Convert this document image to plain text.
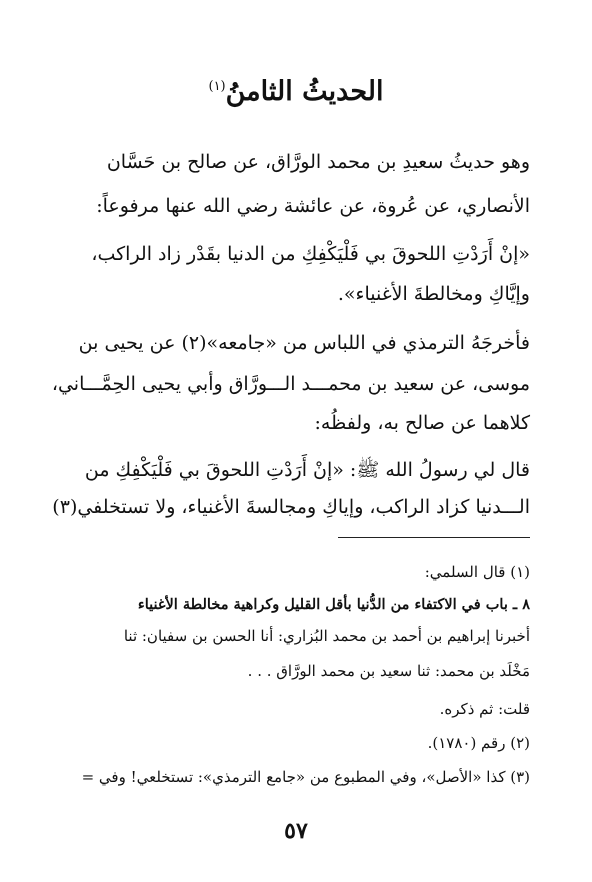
الحديثُ الثامنُ$^{(١)}$
وهو حديثُ سعيدِ بن محمد الورَّاق، عن صالح بن حَسَّان
الأنصاري، عن عُروة، عن عائشة رضي الله عنها مرفوعاً:
«إنْ أَرَدْتِ اللحوقَ بي فَلْيَكْفِكِ من الدنيا بقَدْر زاد الراكب،
وإيَّاكِ ومخالطةَ الأغنياء».
فأخرجَهُ الترمذي في اللباس من «جامعه»(٢) عن يحيى بن
موسى، عن سعيد بن محمـــد الـــورَّاق وأبي يحيى الحِمَّـــاني،
كلاهما عن صالح به، ولفظُه:
قال لي رسولُ الله ﷺ: «إنْ أَرَدْتِ اللحوقَ بي فَلْيَكْفِكِ من
الـــدنيا كزاد الراكب، وإياكِ ومجالسةَ الأغنياء، ولا تستخلفي(٣)
(١) قال السلمي:
٨ ـ باب في الاكتفاء من الدُّنيا بأقل القليل وكراهية مخالطة الأغنياء
أخبرنا إبراهيم بن أحمد بن محمد البُزاري: أنا الحسن بن سفيان: ثنا
مَخْلَد بن محمد: ثنا سعيد بن محمد الورَّاق . . .
قلت: ثم ذكره.
(٢) رقم (١٧٨٠).
(٣) كذا «الأصل»، وفي المطبوع من «جامع الترمذي»: تستخلعي! وفي =
٥٧
